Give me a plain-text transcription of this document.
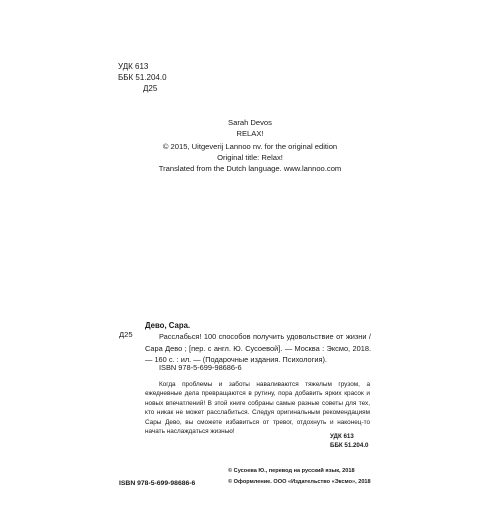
УДК 613
ББК 51.204.0
Д25
Sarah Devos
RELAX!
© 2015, Uitgeverij Lannoo nv. for the original edition
Original title: Relax!
Translated from the Dutch language. www.lannoo.com
Д25
Дево, Сара.
Расслабься! 100 способов получить удовольствие от жизни / Сара Дево ; [пер. с англ. Ю. Сусоевой]. — Москва : Эксмо, 2018. — 160 с. : ил. — (Подарочные издания. Психология).
ISBN 978-5-699-98686-6
Когда проблемы и заботы наваливаются тяжелым грузом, а ежедневные дела превращаются в рутину, пора добавить ярких красок и новых впечатлений! В этой книге собраны самые разные советы для тех, кто никак не может расслабиться. Следуя оригинальным рекомендациям Сары Дево, вы сможете избавиться от тревог, отдохнуть и наконец-то начать наслаждаться жизнью!
УДК 613
ББК 51.204.0
ISBN 978-5-699-98686-6
© Сусоева Ю., перевод на русский язык, 2018
© Оформление. ООО «Издательство «Эксмо», 2018
